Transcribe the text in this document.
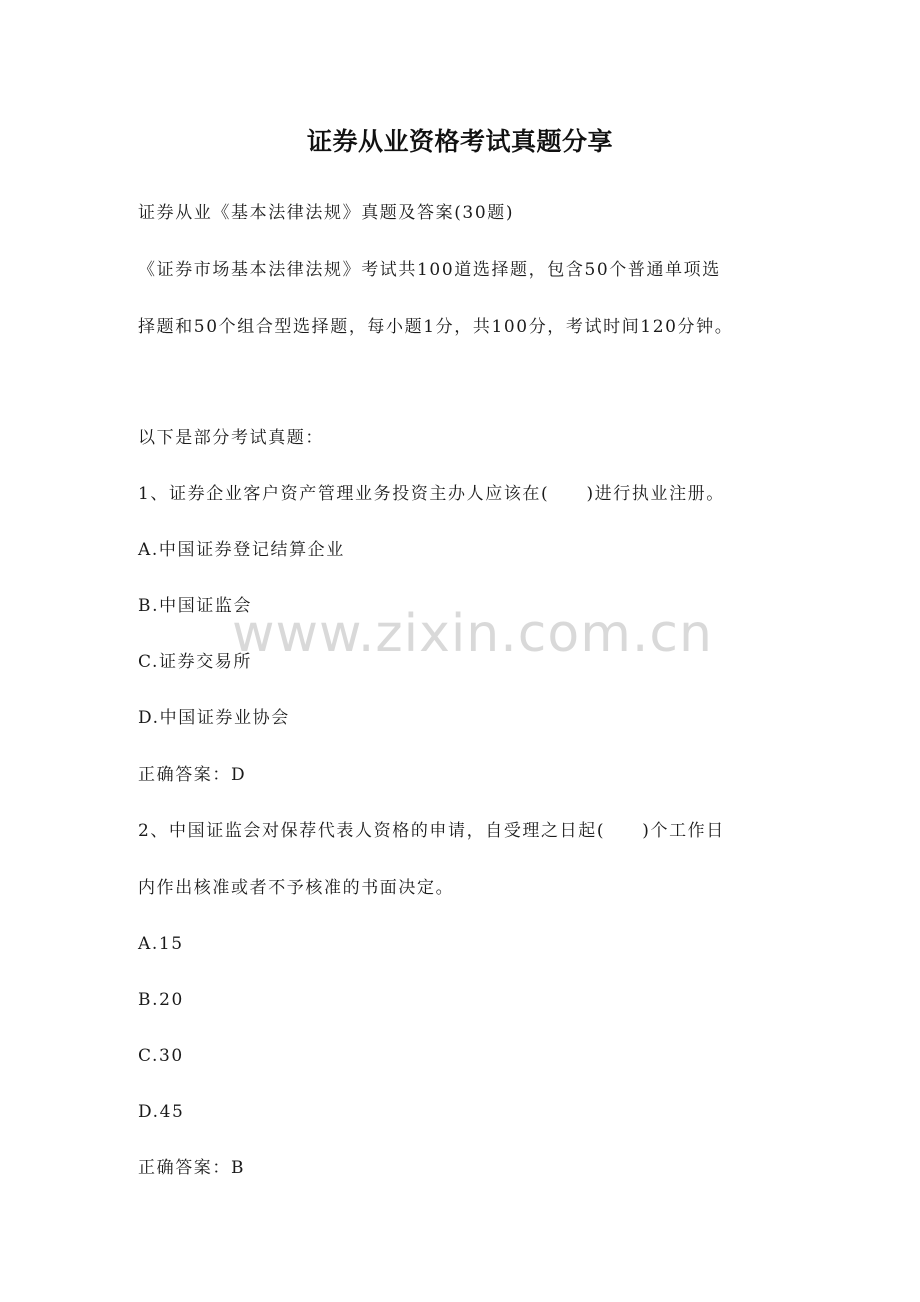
证券从业资格考试真题分享
证券从业《基本法律法规》真题及答案(30题)
《证券市场基本法律法规》考试共100道选择题，包含50个普通单项选
择题和50个组合型选择题，每小题1分，共100分，考试时间120分钟。
以下是部分考试真题：
1、证券企业客户资产管理业务投资主办人应该在(　　)进行执业注册。
A.中国证券登记结算企业
B.中国证监会
C.证券交易所
D.中国证券业协会
正确答案：D
2、中国证监会对保荐代表人资格的申请，自受理之日起(　　)个工作日
内作出核准或者不予核准的书面决定。
A.15
B.20
C.30
D.45
正确答案：B
www.zixin.com.cn
